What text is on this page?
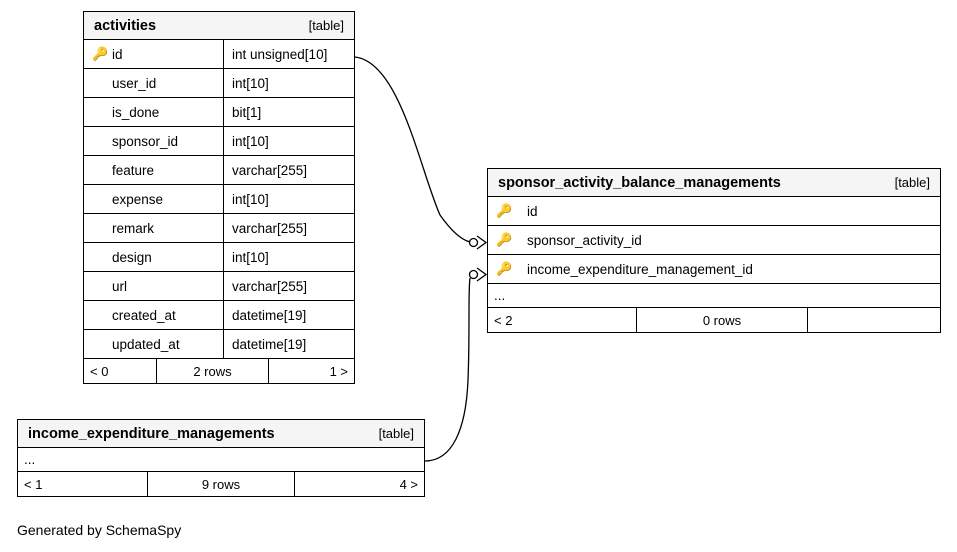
activities	[table]
🔑 id	int unsigned[10]
user_id	int[10]
is_done	bit[1]
sponsor_id	int[10]
feature	varchar[255]
expense	int[10]
remark	varchar[255]
design	int[10]
url	varchar[255]
created_at	datetime[19]
updated_at	datetime[19]
< 0	2 rows	1 >
sponsor_activity_balance_managements	[table]
🔑 id
🔑 sponsor_activity_id
🔑 income_expenditure_management_id
...
< 2	0 rows
income_expenditure_managements	[table]
...
< 1	9 rows	4 >
Generated by SchemaSpy
